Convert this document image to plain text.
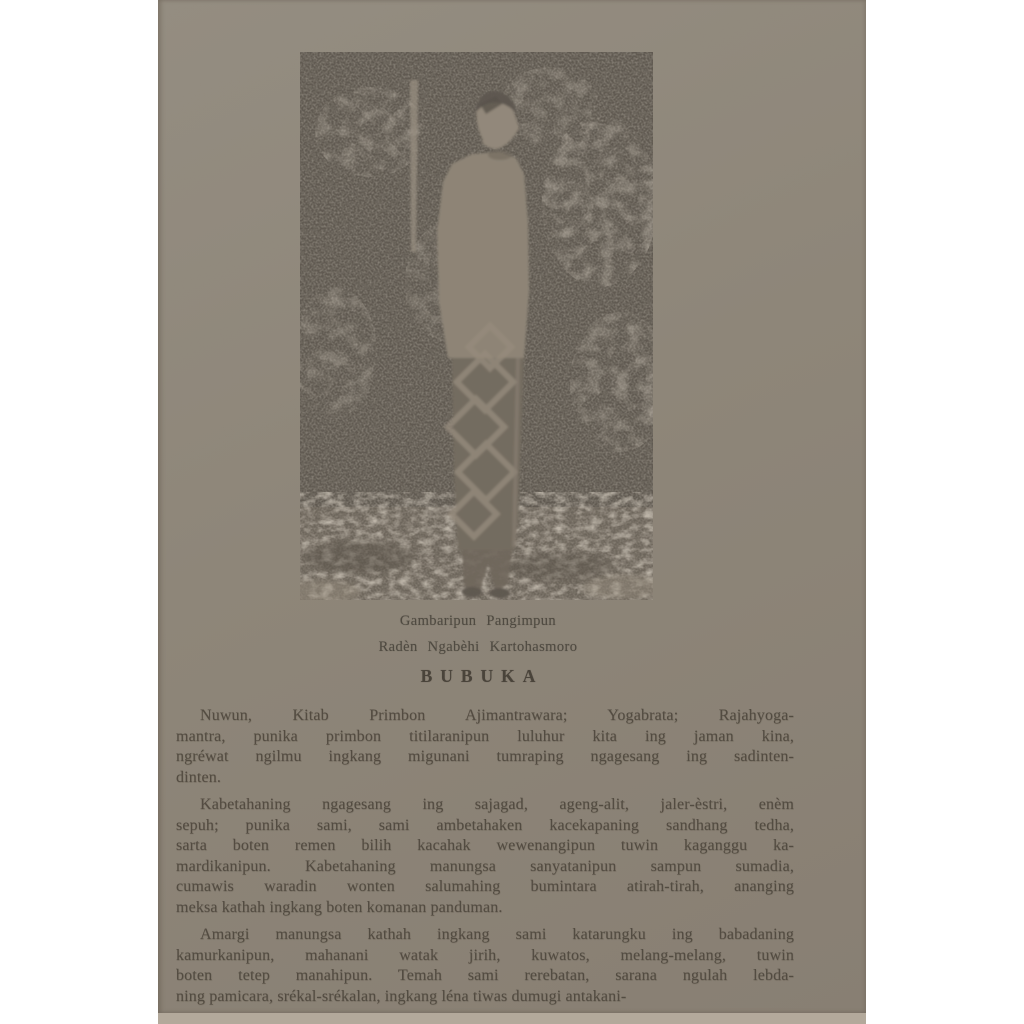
Gambaripun Pangimpun
Radèn Ngabèhi Kartohasmoro
BUBUKA
Nuwun, Kitab Primbon Ajimantrawara; Yogabrata; Rajahyoga-
mantra, punika primbon titilaranipun luluhur kita ing jaman kina,
ngréwat ngilmu ingkang migunani tumraping ngagesang ing sadinten-
dinten.
Kabetahaning ngagesang ing sajagad, ageng-alit, jaler-èstri, enèm
sepuh; punika sami, sami ambetahaken kacekapaning sandhang tedha,
sarta boten remen bilih kacahak wewenangipun tuwin kaganggu ka-
mardikanipun. Kabetahaning manungsa sanyatanipun sampun sumadia,
cumawis waradin wonten salumahing bumintara atirah-tirah, ananging
meksa kathah ingkang boten komanan panduman.
Amargi manungsa kathah ingkang sami katarungku ing babadaning
kamurkanipun, mahanani watak jirih, kuwatos, melang-melang, tuwin
boten tetep manahipun. Temah sami rerebatan, sarana ngulah lebda-
ning pamicara, srékal-srékalan, ingkang léna tiwas dumugi antakani-
